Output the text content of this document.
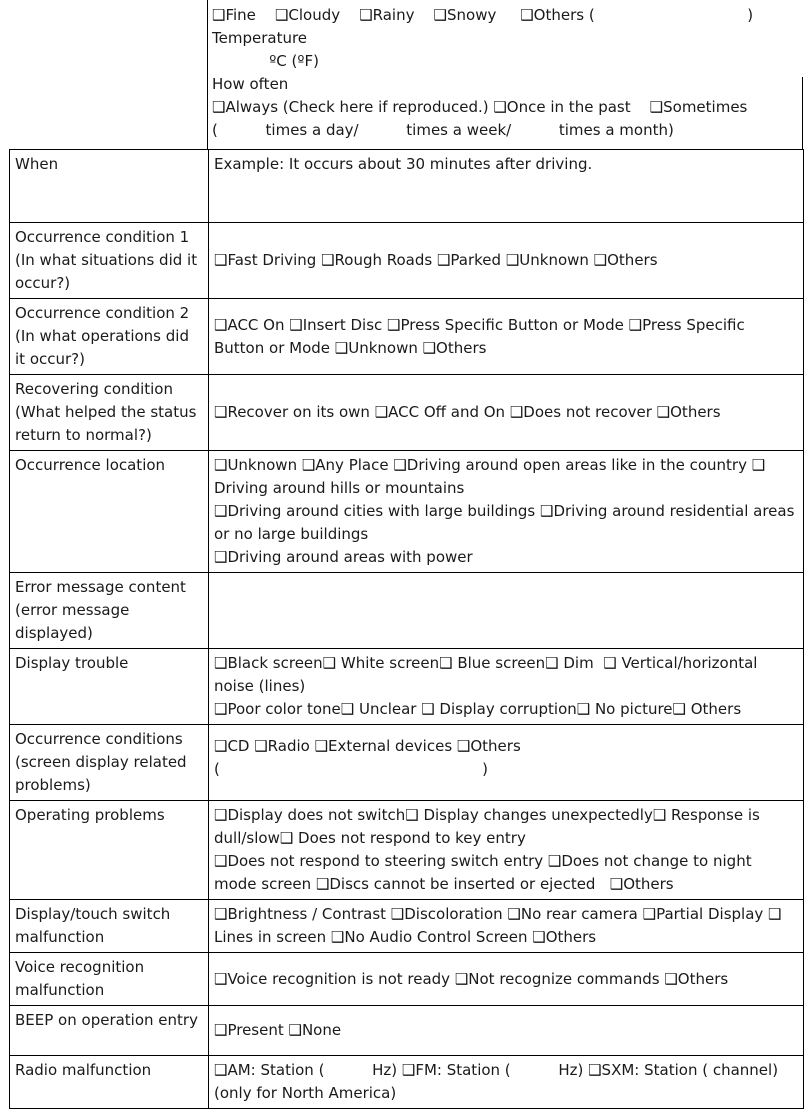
❑Fine    ❑Cloudy    ❑Rainy    ❑Snowy     ❑Others (                                )

Temperature

ºC (ºF)

How often

❑Always (Check here if reproduced.) ❑Once in the past    ❑Sometimes

(          times a day/          times a week/          times a month)

When	Example: It occurs about 30 minutes after driving.

Occurrence condition 1 (In what situations did it occur?)	❑Fast Driving ❑Rough Roads ❑Parked ❑Unknown ❑Others

Occurrence condition 2 (In what operations did it occur?)	❑ACC On ❑Insert Disc ❑Press Specific Button or Mode ❑Press Specific Button or Mode ❑Unknown ❑Others

Recovering condition (What helped the status return to normal?)	❑Recover on its own ❑ACC Off and On ❑Does not recover ❑Others

Occurrence location	❑Unknown ❑Any Place ❑Driving around open areas like in the country ❑ Driving around hills or mountains
❑Driving around cities with large buildings ❑Driving around residential areas or no large buildings
❑Driving around areas with power

Error message content (error message displayed)	

Display trouble	❑Black screen❑ White screen❑ Blue screen❑ Dim  ❑ Vertical/horizontal noise (lines)
❑Poor color tone❑ Unclear ❑ Display corruption❑ No picture❑ Others

Occurrence conditions (screen display related problems)	❑CD ❑Radio ❑External devices ❑Others
(                                                       )

Operating problems	❑Display does not switch❑ Display changes unexpectedly❑ Response is dull/slow❑ Does not respond to key entry
❑Does not respond to steering switch entry ❑Does not change to night mode screen ❑Discs cannot be inserted or ejected   ❑Others

Display/touch switch malfunction	❑Brightness / Contrast ❑Discoloration ❑No rear camera ❑Partial Display ❑ Lines in screen ❑No Audio Control Screen ❑Others

Voice recognition malfunction	❑Voice recognition is not ready ❑Not recognize commands ❑Others

BEEP on operation entry	❑Present ❑None

Radio malfunction	❑AM: Station (          Hz) ❑FM: Station (          Hz) ❑SXM: Station ( channel) (only for North America)
